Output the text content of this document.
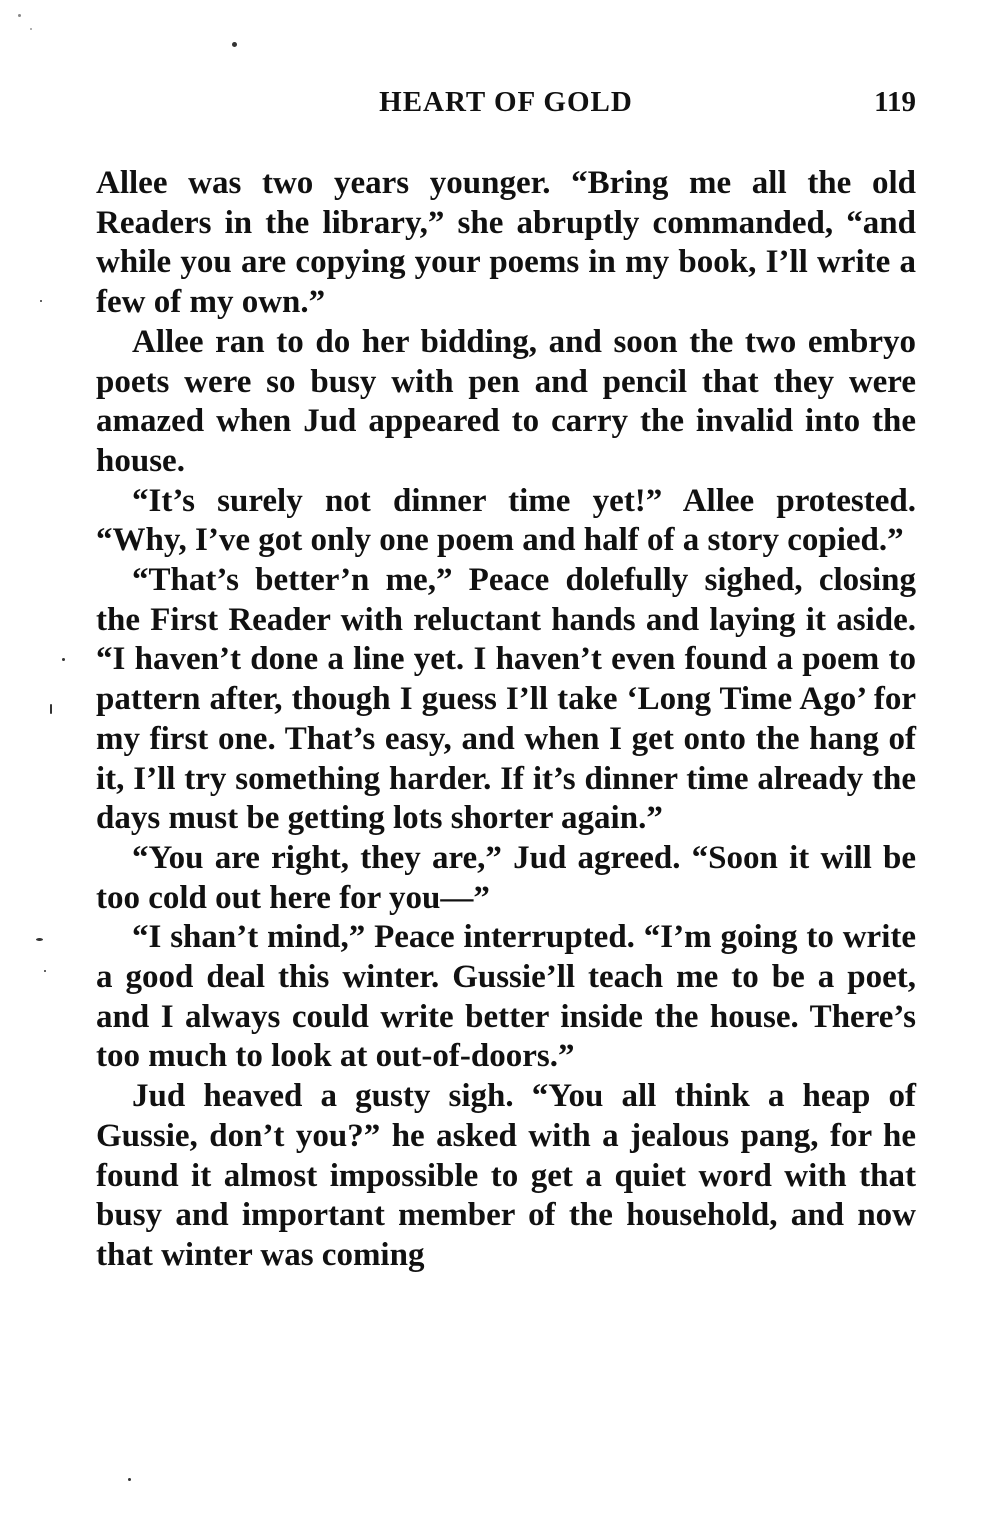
HEART OF GOLD	119

Allee was two years younger. “Bring me all the old Readers in the library,” she abruptly commanded, “and while you are copying your poems in my book, I’ll write a few of my own.”

Allee ran to do her bidding, and soon the two embryo poets were so busy with pen and pencil that they were amazed when Jud appeared to carry the invalid into the house.

“It’s surely not dinner time yet!” Allee protested. “Why, I’ve got only one poem and half of a story copied.”

“That’s better’n me,” Peace dolefully sighed, closing the First Reader with reluctant hands and laying it aside. “I haven’t done a line yet. I haven’t even found a poem to pattern after, though I guess I’ll take ‘Long Time Ago’ for my first one. That’s easy, and when I get onto the hang of it, I’ll try something harder. If it’s dinner time already the days must be getting lots shorter again.”

“You are right, they are,” Jud agreed. “Soon it will be too cold out here for you—”

“I shan’t mind,” Peace interrupted. “I’m going to write a good deal this winter. Gussie’ll teach me to be a poet, and I always could write better inside the house. There’s too much to look at out-of-doors.”

Jud heaved a gusty sigh. “You all think a heap of Gussie, don’t you?” he asked with a jealous pang, for he found it almost impossible to get a quiet word with that busy and important member of the household, and now that winter was coming
